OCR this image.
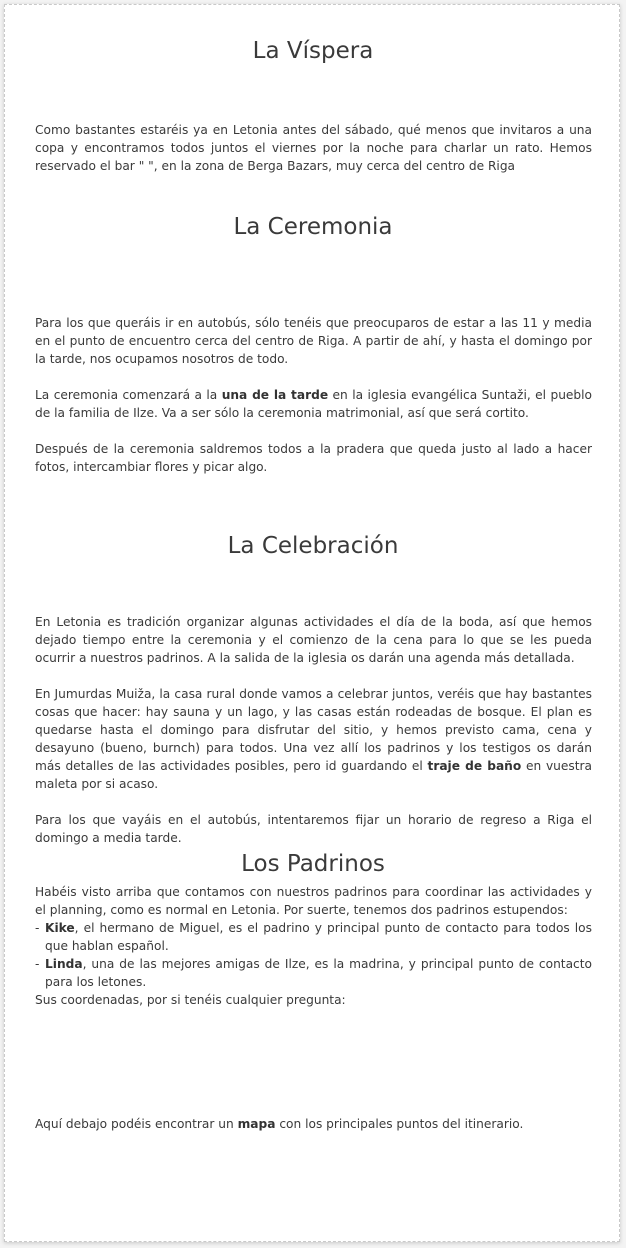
La Víspera

Como bastantes estaréis ya en Letonia antes del sábado, qué menos que invitaros a una copa y encontramos todos juntos el viernes por la noche para charlar un rato. Hemos reservado el bar " ", en la zona de Berga Bazars, muy cerca del centro de Riga

La Ceremonia

Para los que queráis ir en autobús, sólo tenéis que preocuparos de estar a las 11 y media en el punto de encuentro cerca del centro de Riga. A partir de ahí, y hasta el domingo por la tarde, nos ocupamos nosotros de todo.

La ceremonia comenzará a la una de la tarde en la iglesia evangélica Suntaži, el pueblo de la familia de Ilze. Va a ser sólo la ceremonia matrimonial, así que será cortito.

Después de la ceremonia saldremos todos a la pradera que queda justo al lado a hacer fotos, intercambiar flores y picar algo.

La Celebración

En Letonia es tradición organizar algunas actividades el día de la boda, así que hemos dejado tiempo entre la ceremonia y el comienzo de la cena para lo que se les pueda ocurrir a nuestros padrinos. A la salida de la iglesia os darán una agenda más detallada.

En Jumurdas Muiža, la casa rural donde vamos a celebrar juntos, veréis que hay bastantes cosas que hacer: hay sauna y un lago, y las casas están rodeadas de bosque. El plan es quedarse hasta el domingo para disfrutar del sitio, y hemos previsto cama, cena y desayuno (bueno, burnch) para todos. Una vez allí los padrinos y los testigos os darán más detalles de las actividades posibles, pero id guardando el traje de baño en vuestra maleta por si acaso.

Para los que vayáis en el autobús, intentaremos fijar un horario de regreso a Riga el domingo a media tarde.

Los Padrinos

Habéis visto arriba que contamos con nuestros padrinos para coordinar las actividades y el planning, como es normal en Letonia. Por suerte, tenemos dos padrinos estupendos:

- Kike, el hermano de Miguel, es el padrino y principal punto de contacto para todos los que hablan español.
- Linda, una de las mejores amigas de Ilze, es la madrina, y principal punto de contacto para los letones.

Sus coordenadas, por si tenéis cualquier pregunta:

Aquí debajo podéis encontrar un mapa con los principales puntos del itinerario.
